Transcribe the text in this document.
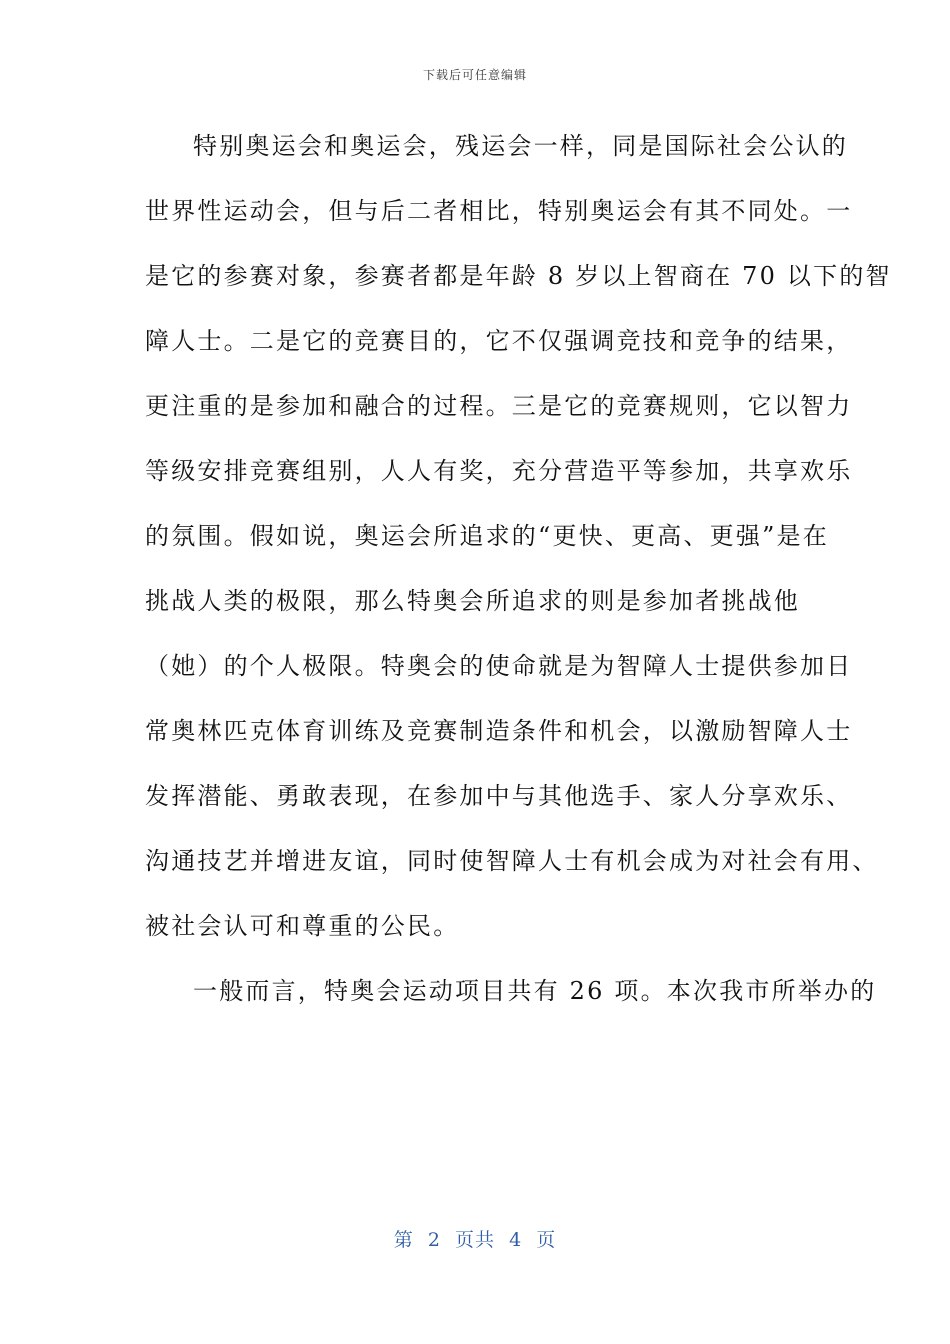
下载后可任意编辑
特别奥运会和奥运会，残运会一样，同是国际社会公认的
世界性运动会，但与后二者相比，特别奥运会有其不同处。一
是它的参赛对象，参赛者都是年龄 8 岁以上智商在 70 以下的智
障人士。二是它的竞赛目的，它不仅强调竞技和竞争的结果，
更注重的是参加和融合的过程。三是它的竞赛规则，它以智力
等级安排竞赛组别，人人有奖，充分营造平等参加，共享欢乐
的氛围。假如说，奥运会所追求的“更快、更高、更强”是在
挑战人类的极限，那么特奥会所追求的则是参加者挑战他
（她）的个人极限。特奥会的使命就是为智障人士提供参加日
常奥林匹克体育训练及竞赛制造条件和机会，以激励智障人士
发挥潜能、勇敢表现，在参加中与其他选手、家人分享欢乐、
沟通技艺并增进友谊，同时使智障人士有机会成为对社会有用、
被社会认可和尊重的公民。
一般而言，特奥会运动项目共有 26 项。本次我市所举办的
第  2  页共  4  页
